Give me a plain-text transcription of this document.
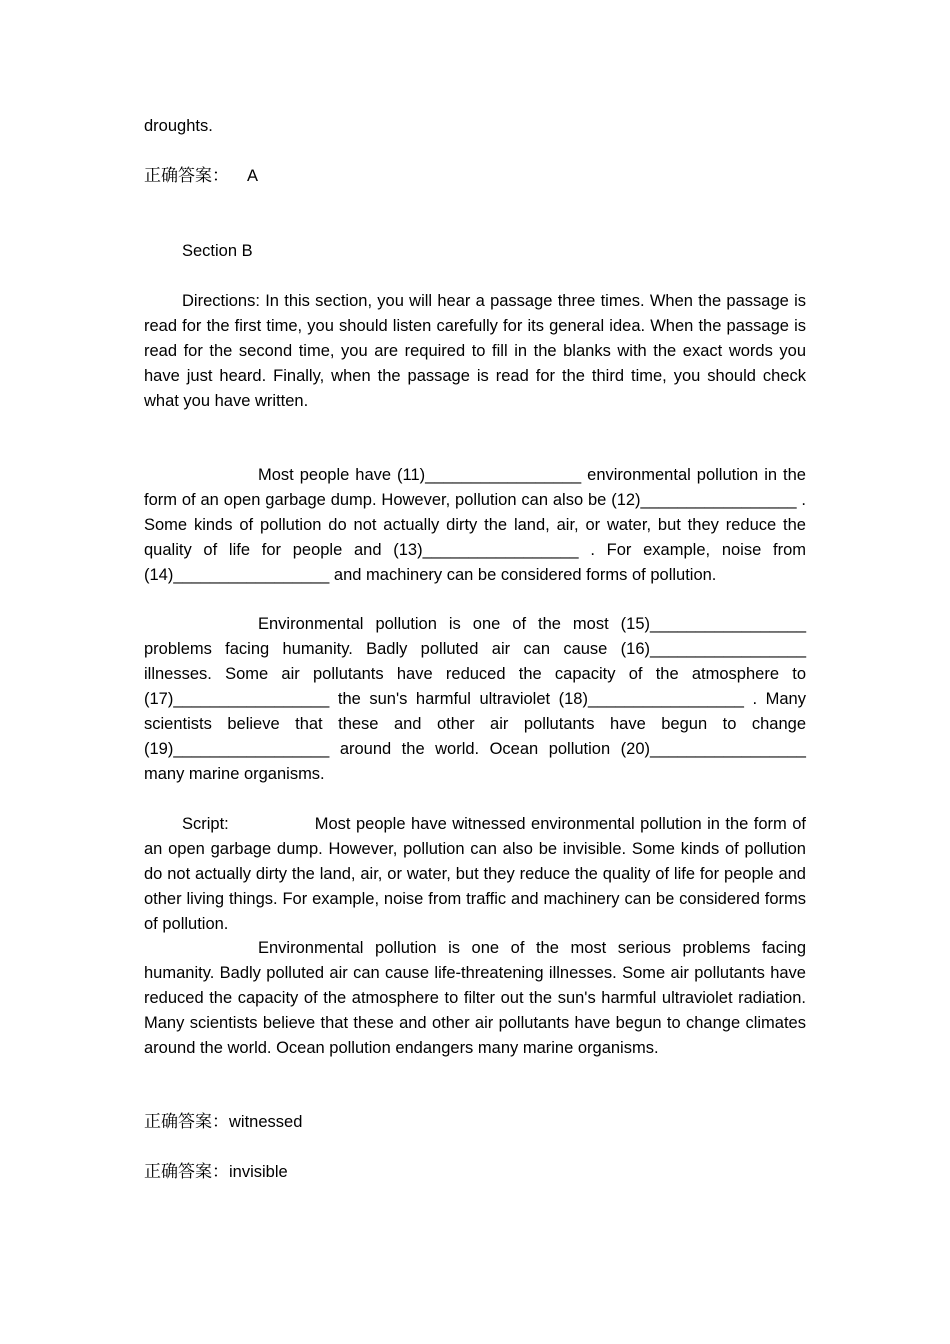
droughts.

正确答案： A

Section B

Directions: In this section, you will hear a passage three times. When the passage is read for the first time, you should listen carefully for its general idea. When the passage is read for the second time, you are required to fill in the blanks with the exact words you have just heard. Finally, when the passage is read for the third time, you should check what you have written.

Most people have (11)_________________ environmental pollution in the form of an open garbage dump. However, pollution can also be (12)_________________ . Some kinds of pollution do not actually dirty the land, air, or water, but they reduce the quality of life for people and (13)_________________ . For example, noise from (14)_________________ and machinery can be considered forms of pollution.

Environmental pollution is one of the most (15)_________________ problems facing humanity. Badly polluted air can cause (16)_________________ illnesses. Some air pollutants have reduced the capacity of the atmosphere to (17)_________________ the sun's harmful ultraviolet (18)_________________ . Many scientists believe that these and other air pollutants have begun to change (19)_________________ around the world. Ocean pollution (20)_________________ many marine organisms.

Script:	Most people have witnessed environmental pollution in the form of an open garbage dump. However, pollution can also be invisible. Some kinds of pollution do not actually dirty the land, air, or water, but they reduce the quality of life for people and other living things. For example, noise from traffic and machinery can be considered forms of pollution.

Environmental pollution is one of the most serious problems facing humanity. Badly polluted air can cause life-threatening illnesses. Some air pollutants have reduced the capacity of the atmosphere to filter out the sun's harmful ultraviolet radiation. Many scientists believe that these and other air pollutants have begun to change climates around the world. Ocean pollution endangers many marine organisms.

正确答案：witnessed

正确答案：invisible
